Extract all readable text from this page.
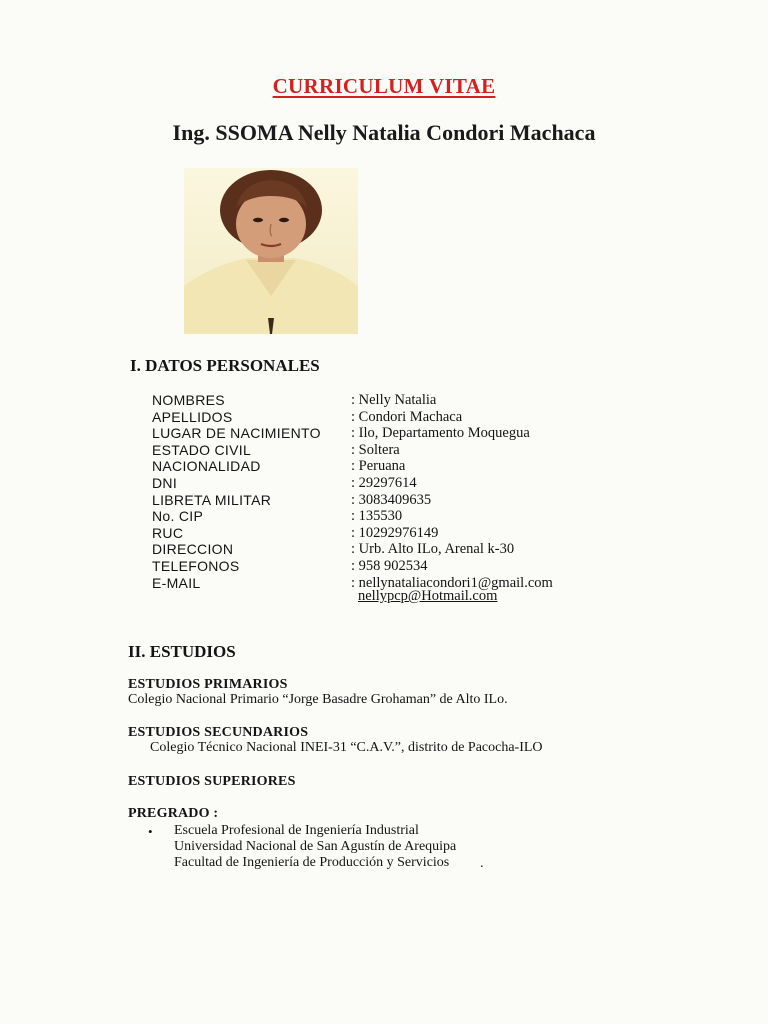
CURRICULUM VITAE
Ing. SSOMA Nelly Natalia Condori Machaca
I. DATOS PERSONALES
NOMBRES	: Nelly Natalia
APELLIDOS	: Condori Machaca
LUGAR DE NACIMIENTO	: Ilo, Departamento Moquegua
ESTADO CIVIL	: Soltera
NACIONALIDAD	: Peruana
DNI	: 29297614
LIBRETA MILITAR	: 3083409635
No. CIP	: 135530
RUC	: 10292976149
DIRECCION	: Urb. Alto ILo, Arenal k-30
TELEFONOS	: 958 902534
E-MAIL	: nellynataliacondori1@gmail.com
nellypcp@Hotmail.com
II. ESTUDIOS
ESTUDIOS PRIMARIOS

Colegio Nacional Primario “Jorge Basadre Grohaman” de Alto ILo.

ESTUDIOS SECUNDARIOS

Colegio Técnico Nacional INEI-31 “C.A.V.”, distrito de Pacocha-ILO

ESTUDIOS SUPERIORES
PREGRADO :
• Escuela Profesional de Ingeniería Industrial

Universidad Nacional de San Agustín de Arequipa

Facultad de Ingeniería de Producción y Servicios .
